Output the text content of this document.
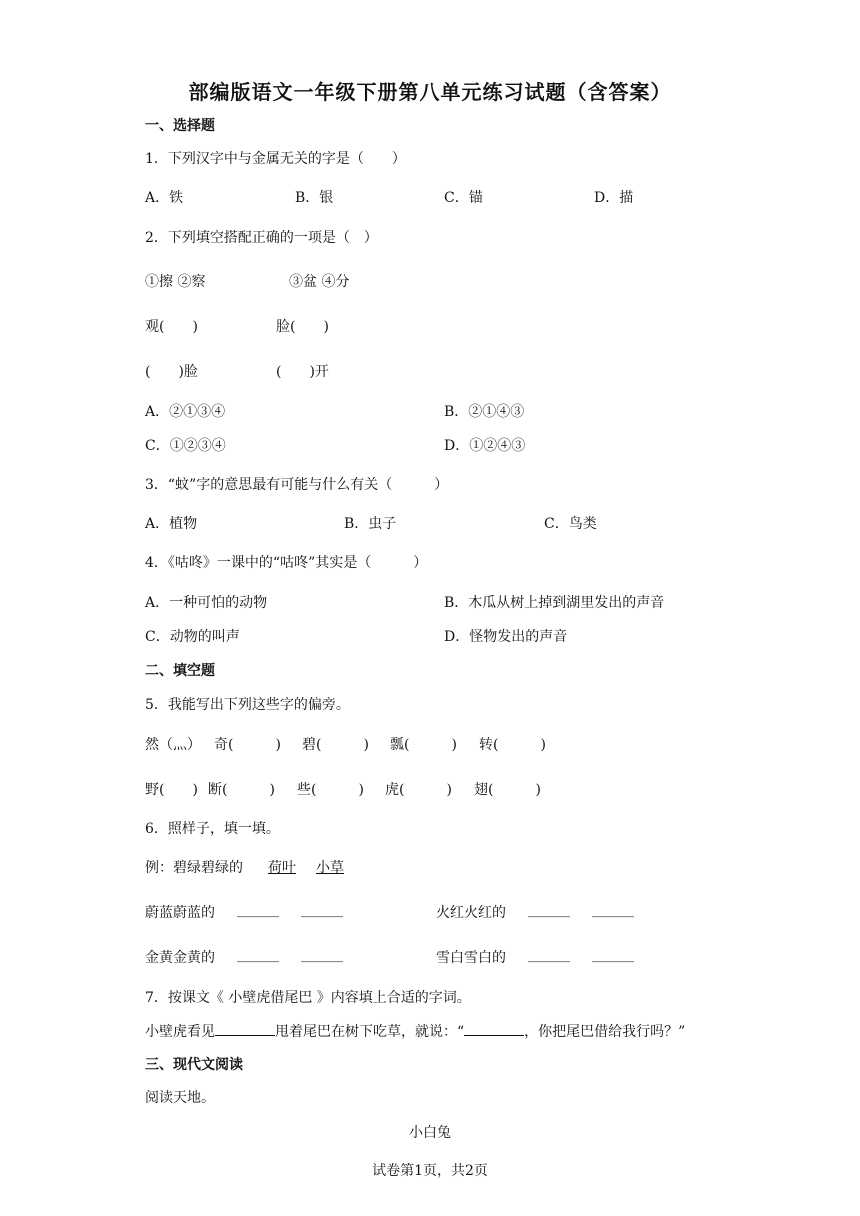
部编版语文一年级下册第八单元练习试题（含答案）
一、选择题
1．下列汉字中与金属无关的字是（　　）
A．铁	B．银	C．锚	D．描
2．下列填空搭配正确的一项是（　）
①擦 ②察	③盆 ④分
观(　　)	脸(　　)
(　　)脸	(　　)开
A．②①③④	B．②①④③
C．①②③④	D．①②④③
3．“蚊”字的意思最有可能与什么有关（　　　）
A．植物	B．虫子	C．鸟类
4．《咕咚》一课中的“咕咚”其实是（　　　）
A．一种可怕的动物	B．木瓜从树上掉到湖里发出的声音
C．动物的叫声	D．怪物发出的声音
二、填空题
5．我能写出下列这些字的偏旁。
然（灬） 奇(　　　) 碧(　　　) 瓢(　　　) 转(　　　)
野(　　) 断(　　　) 些(　　　) 虎(　　　) 翅(　　　)
6．照样子，填一填。
例：碧绿碧绿的 荷叶 小草
蔚蓝蔚蓝的 ______ ______	火红火红的 ______ ______
金黄金黄的 ______ ______	雪白雪白的 ______ ______
7．按课文《 小壁虎借尾巴 》内容填上合适的字词。
小壁虎看见	甩着尾巴在树下吃草，就说：“	，你把尾巴借给我行吗？”
三、现代文阅读
阅读天地。
小白兔
试卷第1页，共2页
